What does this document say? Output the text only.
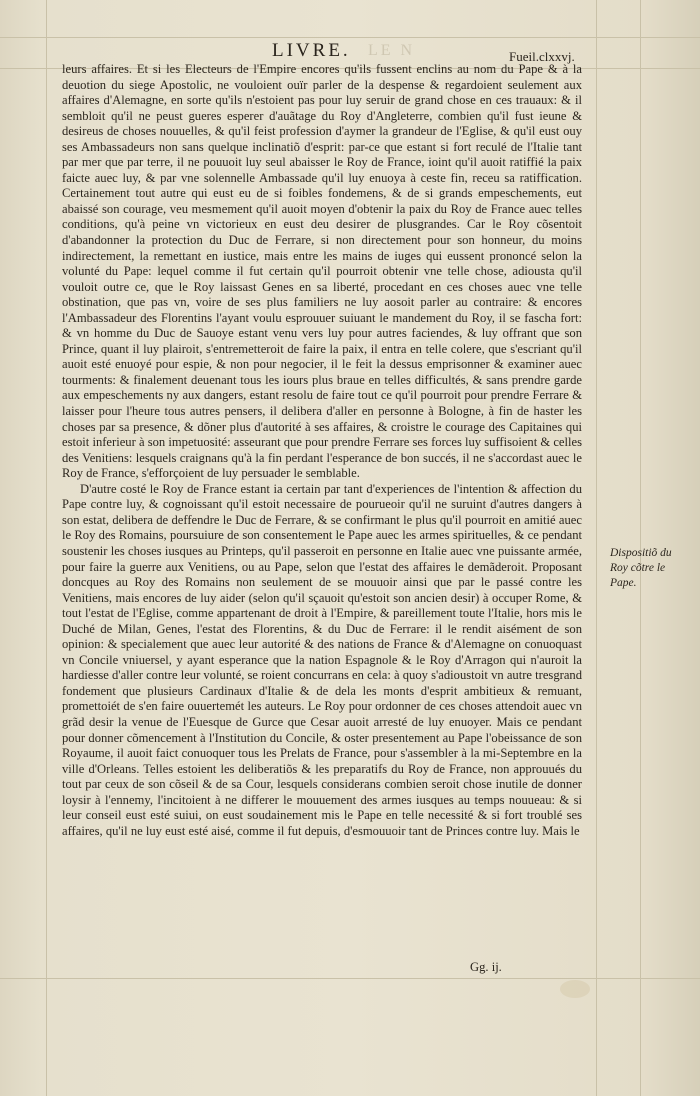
LIVRE. LE N	Fueil.clxxvj.

leurs affaires. Et si les Electeurs de l'Empire encores qu'ils fussent enclins au nom du Pape & à la deuotion du siege Apostolic, ne vouloient ouïr parler de la despense & regardoient seulement aux affaires d'Alemagne, en sorte qu'ils n'estoient pas pour luy seruir de grand chose en ces trauaux: & il sembloit qu'il ne peust gueres esperer d'auãtage du Roy d'Angleterre, combien qu'il fust ieune & desireus de choses nouuelles, & qu'il feist profession d'aymer la grandeur de l'Eglise, & qu'il eust ouy ses Ambassadeurs non sans quelque inclinatiõ d'esprit: par-ce que estant si fort reculé de l'Italie tant par mer que par terre, il ne pouuoit luy seul abaisser le Roy de France, ioint qu'il auoit ratiffié la paix faicte auec luy, & par vne solennelle Ambassade qu'il luy enuoya à ceste fin, receu sa ratiffication. Certainement tout autre qui eust eu de si foibles fondemens, & de si grands empeschements, eut abaissé son courage, veu mesmement qu'il auoit moyen d'obtenir la paix du Roy de France auec telles conditions, qu'à peine vn victorieux en eust deu desirer de plusgrandes. Car le Roy cõsentoit d'abandonner la protection du Duc de Ferrare, si non directement pour son honneur, du moins indirectement, la remettant en iustice, mais entre les mains de iuges qui eussent prononcé selon la volunté du Pape: lequel comme il fut certain qu'il pourroit obtenir vne telle chose, adiousta qu'il vouloit outre ce, que le Roy laissast Genes en sa liberté, procedant en ces choses auec vne telle obstination, que pas vn, voire de ses plus familiers ne luy aosoit parler au contraire: & encores l'Ambassadeur des Florentins l'ayant voulu esprouuer suiuant le mandement du Roy, il se fascha fort: & vn homme du Duc de Sauoye estant venu vers luy pour autres faciendes, & luy offrant que son Prince, quant il luy plairoit, s'entremetteroit de faire la paix, il entra en telle colere, que s'escriant qu'il auoit esté enuoyé pour espie, & non pour negocier, il le feit la dessus emprisonner & examiner auec tourments: & finalement deuenant tous les iours plus braue en telles difficultés, & sans prendre garde aux empeschements ny aux dangers, estant resolu de faire tout ce qu'il pourroit pour prendre Ferrare & laisser pour l'heure tous autres pensers, il delibera d'aller en personne à Bologne, à fin de haster les choses par sa presence, & dõner plus d'autorité à ses affaires, & croistre le courage des Capitaines qui estoit inferieur à son impetuosité: asseurant que pour prendre Ferrare ses forces luy suffisoient & celles des Venitiens: lesquels craignans qu'à la fin perdant l'esperance de bon succés, il ne s'accordast auec le Roy de France, s'efforçoient de luy persuader le semblable.

D'autre costé le Roy de France estant ia certain par tant d'experiences de l'intention & affection du Pape contre luy, & cognoissant qu'il estoit necessaire de pourueoir qu'il ne suruint d'autres dangers à son estat, delibera de deffendre le Duc de Ferrare, & se confirmant le plus qu'il pourroit en amitié auec le Roy des Romains, poursuiure de son consentement le Pape auec les armes spirituelles, & ce pendant soustenir les choses iusques au Printeps, qu'il passeroit en personne en Italie auec vne puissante armée, pour faire la guerre aux Venitiens, ou au Pape, selon que l'estat des affaires le demãderoit. Proposant doncques au Roy des Romains non seulement de se mouuoir ainsi que par le passé contre les Venitiens, mais encores de luy aider (selon qu'il sçauoit qu'estoit son ancien desir) à occuper Rome, & tout l'estat de l'Eglise, comme appartenant de droit à l'Empire, & pareillement toute l'Italie, hors mis le Duché de Milan, Genes, l'estat des Florentins, & du Duc de Ferrare: il le rendit aisément de son opinion: & specialement que auec leur autorité & des nations de France & d'Alemagne on conuoquast vn Concile vniuersel, y ayant esperance que la nation Espagnole & le Roy d'Arragon qui n'auroit la hardiesse d'aller contre leur volunté, se roient concurrans en cela: à quoy s'adioustoit vn autre tresgrand fondement que plusieurs Cardinaux d'Italie & de dela les monts d'esprit ambitieux & remuant, promettoiét de s'en faire ouuertemét les auteurs. Le Roy pour ordonner de ces choses attendoit auec vn grãd desir la venue de l'Euesque de Gurce que Cesar auoit arresté de luy enuoyer. Mais ce pendant pour donner cõmencement à l'Institution du Concile, & oster presentement au Pape l'obeissance de son Royaume, il auoit faict conuoquer tous les Prelats de France, pour s'assembler à la mi-Septembre en la ville d'Orleans. Telles estoient les deliberatiõs & les preparatifs du Roy de France, non approuués du tout par ceux de son cõseil & de sa Cour, lesquels considerans combien seroit chose inutile de donner loysir à l'ennemy, l'incitoient à ne differer le mouuement des armes iusques au temps nouueau: & si leur conseil eust esté suiui, on eust soudainement mis le Pape en telle necessité & si fort troublé ses affaires, qu'il ne luy eust esté aisé, comme il fut depuis, d'esmouuoir tant de Princes contre luy. Mais le

Dispositiõ du Roy cõtre le Pape.
Gg. ij.
